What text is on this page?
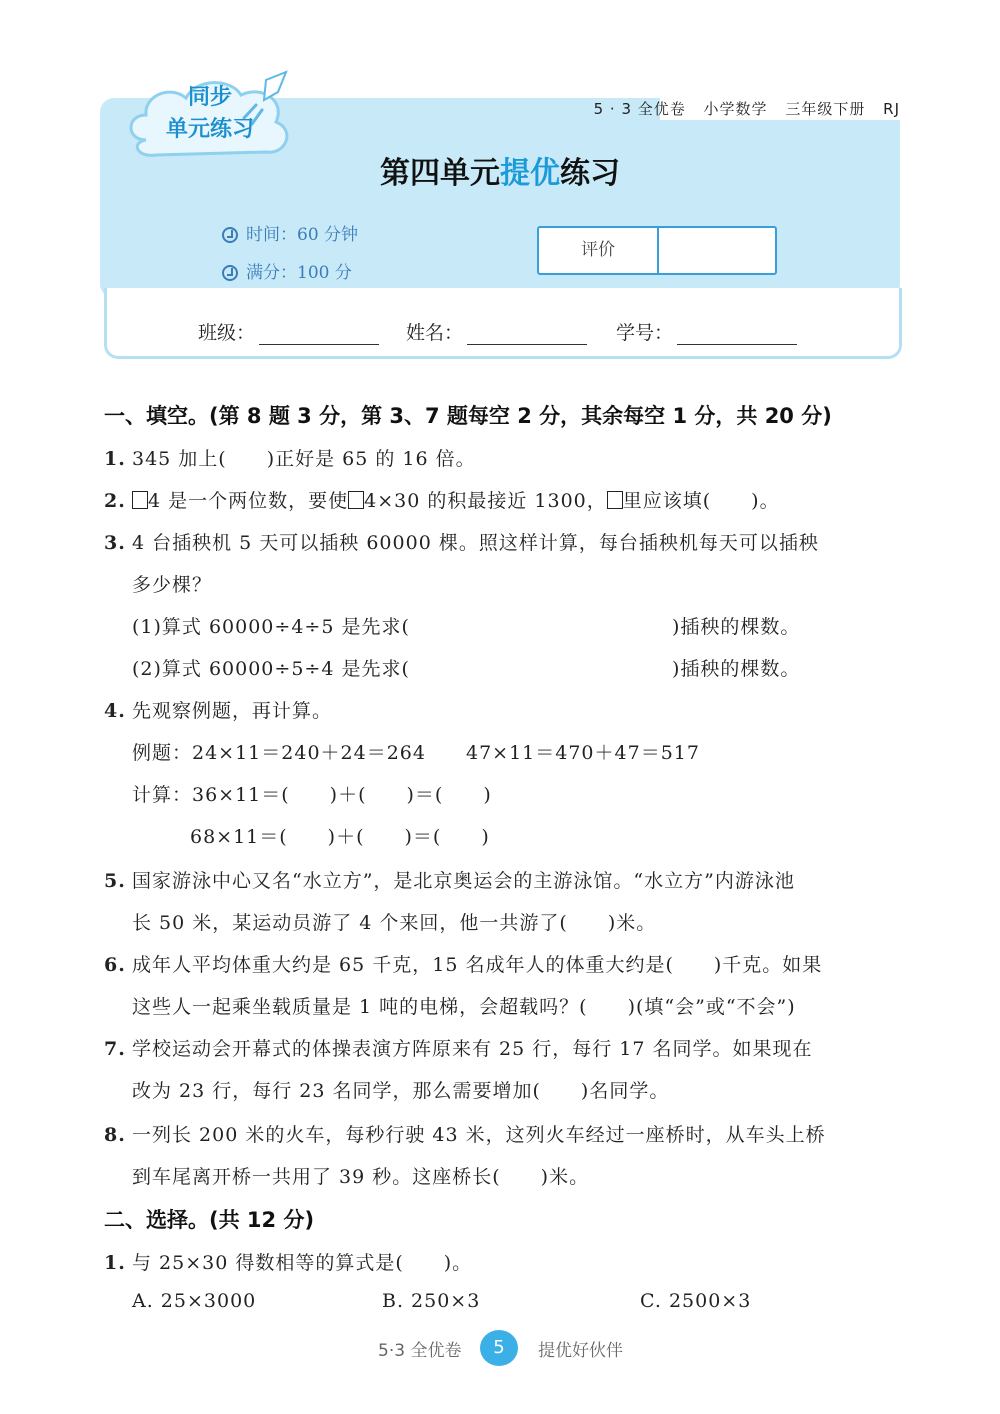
5 · 3 全优卷 小学数学 三年级下册 RJ
同步
单元练习
第四单元提优练习
时间：60 分钟
满分：100 分
评价
班级：	姓名：	学号：
一、填空。(第 8 题 3 分，第 3、7 题每空 2 分，其余每空 1 分，共 20 分)
1. 345 加上(　　)正好是 65 的 16 倍。
2. 4 是一个两位数，要使 4×30 的积最接近 1300， 里应该填(　　)。
3. 4 台插秧机 5 天可以插秧 60000 棵。照这样计算，每台插秧机每天可以插秧
多少棵？
(1)算式 60000÷4÷5 是先求(	)插秧的棵数。
(2)算式 60000÷5÷4 是先求(	)插秧的棵数。
4. 先观察例题，再计算。
例题：24×11＝240＋24＝264　　47×11＝470＋47＝517
计算：36×11＝(　　)＋(　　)＝(　　)
68×11＝(　　)＋(　　)＝(　　)
5. 国家游泳中心又名“水立方”，是北京奥运会的主游泳馆。“水立方”内游泳池
长 50 米，某运动员游了 4 个来回，他一共游了(　　)米。
6. 成年人平均体重大约是 65 千克，15 名成年人的体重大约是(　　)千克。如果
这些人一起乘坐载质量是 1 吨的电梯，会超载吗？(　　)(填“会”或“不会”)
7. 学校运动会开幕式的体操表演方阵原来有 25 行，每行 17 名同学。如果现在
改为 23 行，每行 23 名同学，那么需要增加(　　)名同学。
8. 一列长 200 米的火车，每秒行驶 43 米，这列火车经过一座桥时，从车头上桥
到车尾离开桥一共用了 39 秒。这座桥长(　　)米。
二、选择。(共 12 分)
1. 与 25×30 得数相等的算式是(　　)。
A. 25×3000	B. 250×3	C. 2500×3
5·3 全优卷	5	提优好伙伴
